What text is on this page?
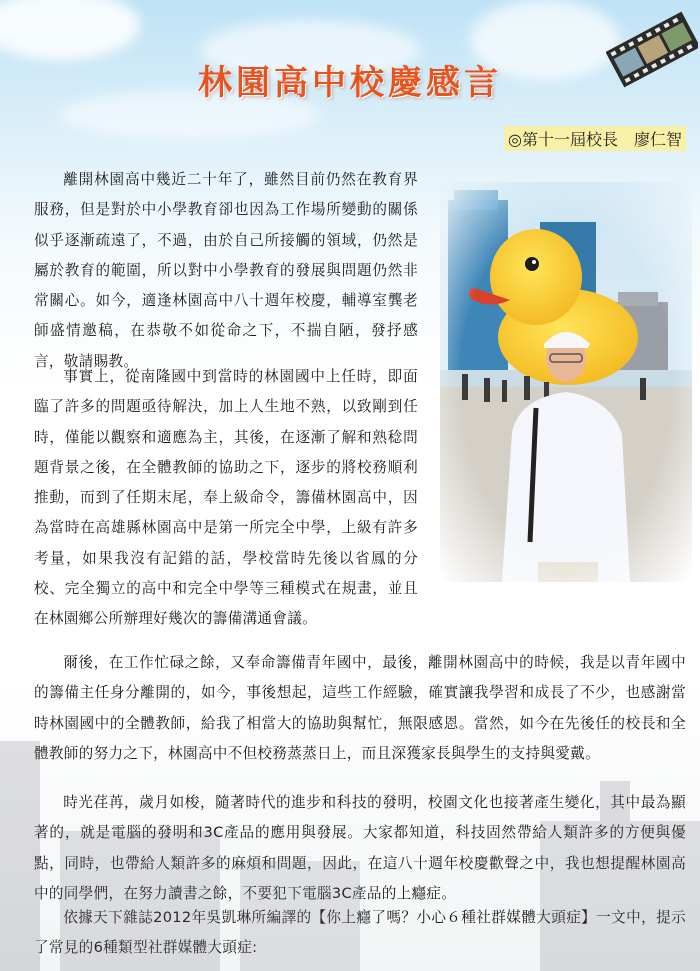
林園高中校慶感言
◎第十一屆校長　廖仁智

離開林園高中幾近二十年了，雖然目前仍然在教育界服務，但是對於中小學教育卻也因為工作場所變動的關係似乎逐漸疏遠了，不過，由於自己所接觸的領域，仍然是屬於教育的範圍，所以對中小學教育的發展與問題仍然非常關心。如今，適逢林園高中八十週年校慶，輔導室龔老師盛情邀稿，在恭敬不如從命之下，不揣自陋，發抒感言，敬請賜教。

事實上，從南隆國中到當時的林園國中上任時，即面臨了許多的問題亟待解決，加上人生地不熟，以致剛到任時，僅能以觀察和適應為主，其後，在逐漸了解和熟稔問題背景之後，在全體教師的協助之下，逐步的將校務順利推動，而到了任期末尾，奉上級命令，籌備林園高中，因為當時在高雄縣林園高中是第一所完全中學，上級有許多考量，如果我沒有記錯的話，學校當時先後以省鳳的分校、完全獨立的高中和完全中學等三種模式在規畫，並且在林園鄉公所辦理好幾次的籌備溝通會議。

爾後，在工作忙碌之餘，又奉命籌備青年國中，最後，離開林園高中的時候，我是以青年國中的籌備主任身分離開的，如今，事後想起，這些工作經驗，確實讓我學習和成長了不少，也感謝當時林園國中的全體教師，給我了相當大的協助與幫忙，無限感恩。當然，如今在先後任的校長和全體教師的努力之下，林園高中不但校務蒸蒸日上，而且深獲家長與學生的支持與愛戴。

時光荏苒，歲月如梭，隨著時代的進步和科技的發明，校園文化也接著產生變化，其中最為顯著的，就是電腦的發明和3C產品的應用與發展。大家都知道，科技固然帶給人類許多的方便與優點，同時，也帶給人類許多的麻煩和問題，因此，在這八十週年校慶歡聲之中，我也想提醒林園高中的同學們，在努力讀書之餘，不要犯下電腦3C產品的上癮症。

依據天下雜誌2012年吳凱琳所編譯的【你上癮了嗎？小心６種社群媒體大頭症】一文中，提示了常見的6種類型社群媒體大頭症:
